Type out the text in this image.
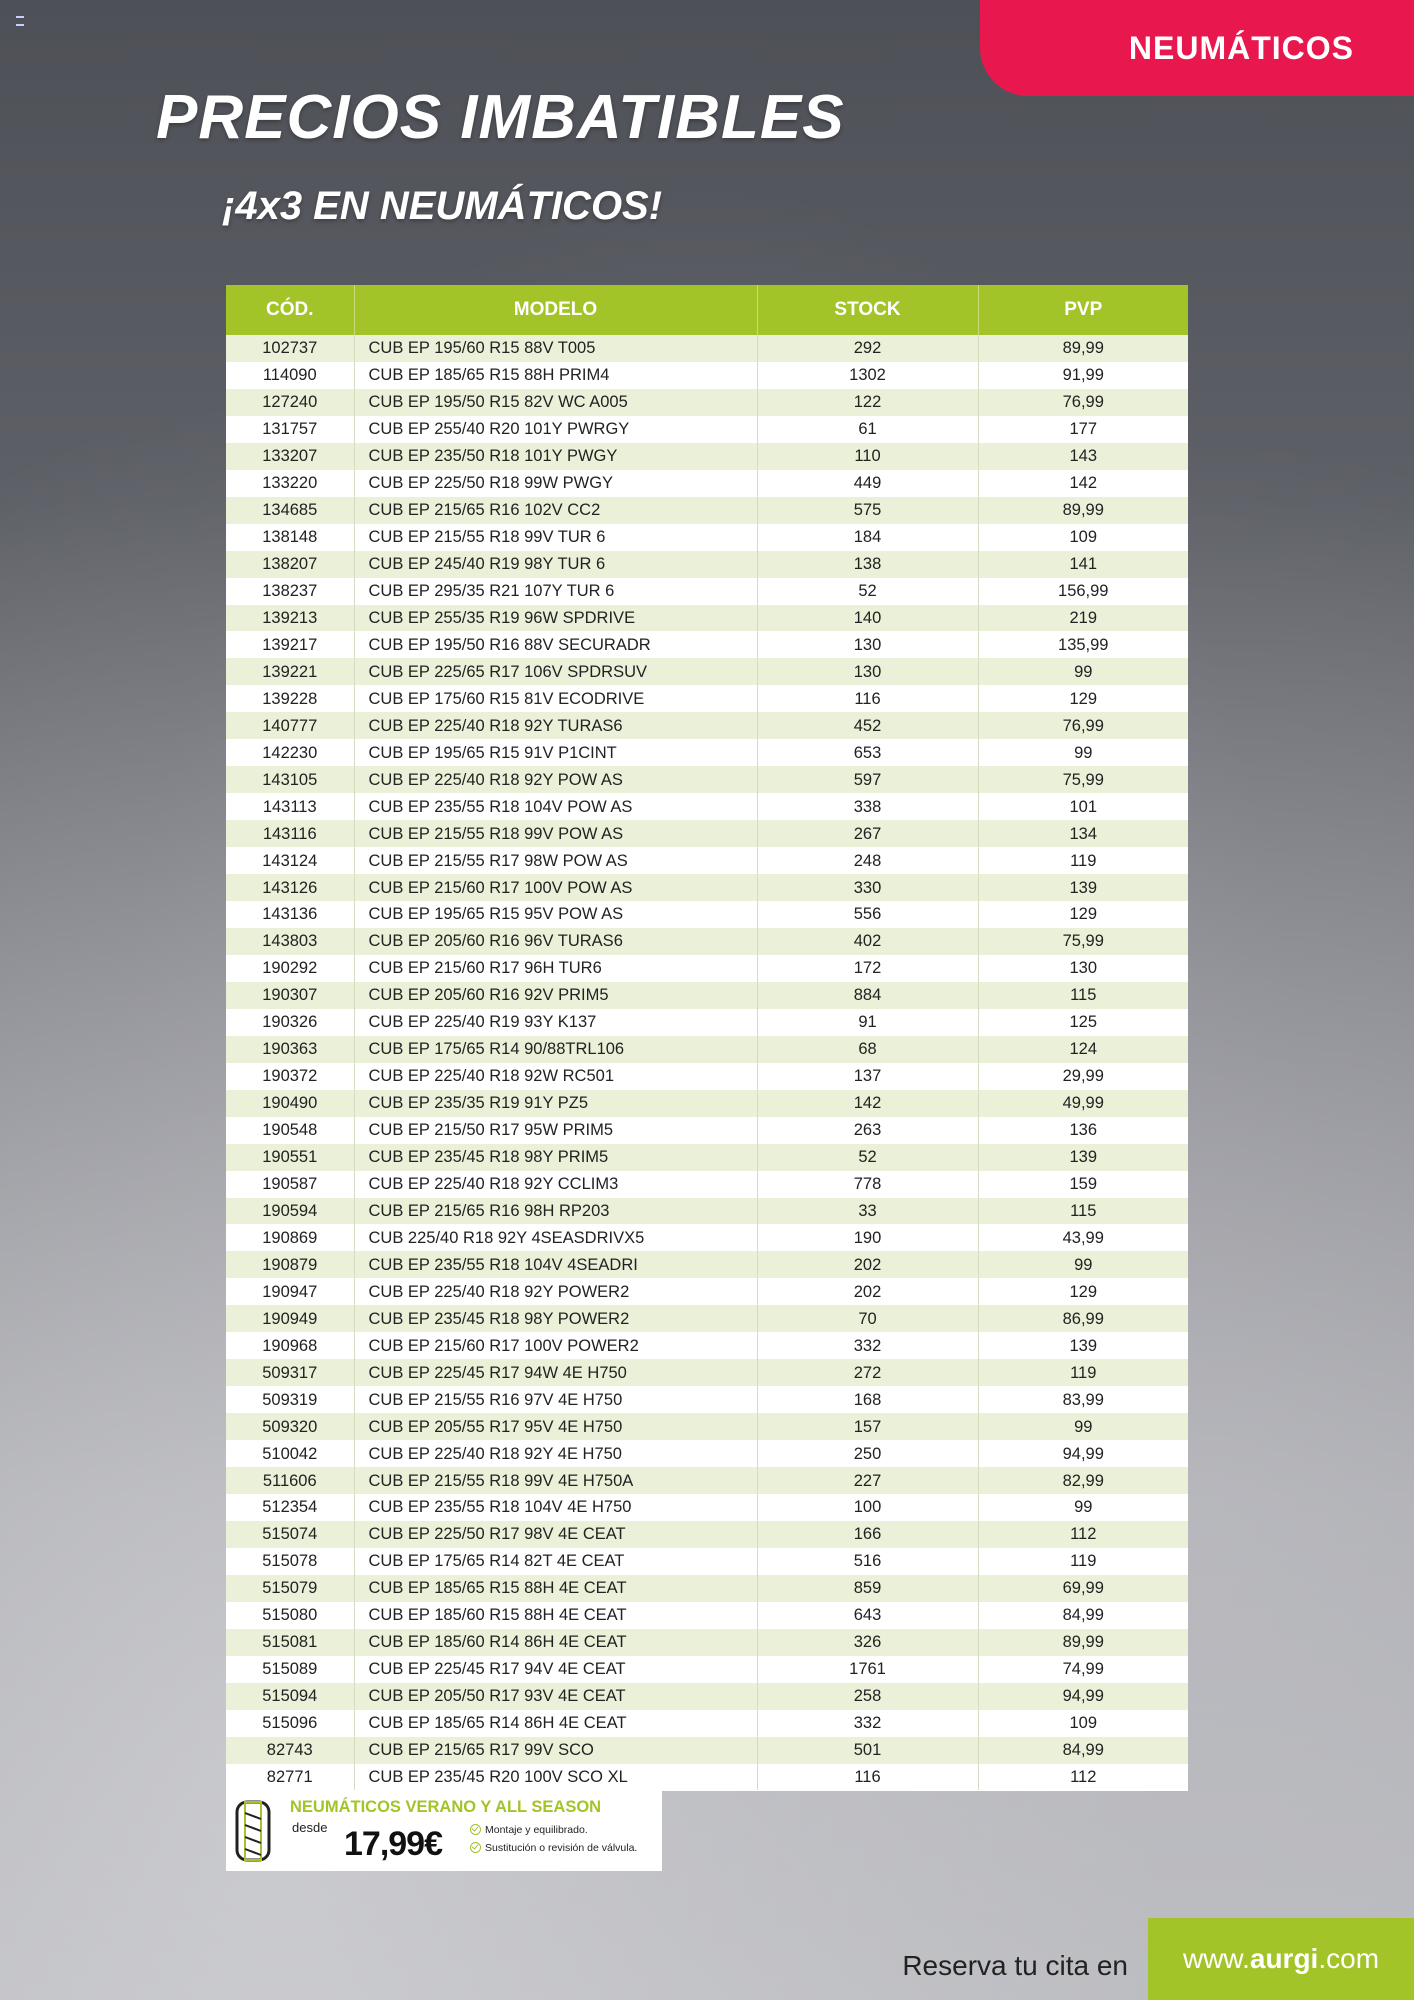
NEUMÁTICOS
PRECIOS IMBATIBLES
¡4x3 EN NEUMÁTICOS!
CÓD.	MODELO	STOCK	PVP
102737	CUB EP 195/60 R15 88V T005	292	89,99
114090	CUB EP 185/65 R15 88H PRIM4	1302	91,99
127240	CUB EP 195/50 R15 82V WC A005	122	76,99
131757	CUB EP 255/40 R20 101Y PWRGY	61	177
133207	CUB EP 235/50 R18 101Y PWGY	110	143
133220	CUB EP 225/50 R18 99W PWGY	449	142
134685	CUB EP 215/65 R16 102V CC2	575	89,99
138148	CUB EP 215/55 R18 99V TUR 6	184	109
138207	CUB EP 245/40 R19 98Y TUR 6	138	141
138237	CUB EP 295/35 R21 107Y TUR 6	52	156,99
139213	CUB EP 255/35 R19 96W SPDRIVE	140	219
139217	CUB EP 195/50 R16 88V SECURADR	130	135,99
139221	CUB EP 225/65 R17 106V SPDRSUV	130	99
139228	CUB EP 175/60 R15 81V ECODRIVE	116	129
140777	CUB EP 225/40 R18 92Y TURAS6	452	76,99
142230	CUB EP 195/65 R15 91V P1CINT	653	99
143105	CUB EP 225/40 R18 92Y POW AS	597	75,99
143113	CUB EP 235/55 R18 104V POW AS	338	101
143116	CUB EP 215/55 R18 99V POW AS	267	134
143124	CUB EP 215/55 R17 98W POW AS	248	119
143126	CUB EP 215/60 R17 100V POW AS	330	139
143136	CUB EP 195/65 R15 95V POW AS	556	129
143803	CUB EP 205/60 R16 96V TURAS6	402	75,99
190292	CUB EP 215/60 R17 96H TUR6	172	130
190307	CUB EP 205/60 R16 92V PRIM5	884	115
190326	CUB EP 225/40 R19 93Y K137	91	125
190363	CUB EP 175/65 R14 90/88TRL106	68	124
190372	CUB EP 225/40 R18 92W RC501	137	29,99
190490	CUB EP 235/35 R19 91Y PZ5	142	49,99
190548	CUB EP 215/50 R17 95W PRIM5	263	136
190551	CUB EP 235/45 R18 98Y PRIM5	52	139
190587	CUB EP 225/40 R18 92Y CCLIM3	778	159
190594	CUB EP 215/65 R16 98H RP203	33	115
190869	CUB 225/40 R18 92Y 4SEASDRIVX5	190	43,99
190879	CUB EP 235/55 R18 104V 4SEADRI	202	99
190947	CUB EP 225/40 R18 92Y POWER2	202	129
190949	CUB EP 235/45 R18 98Y POWER2	70	86,99
190968	CUB EP 215/60 R17 100V POWER2	332	139
509317	CUB EP 225/45 R17 94W 4E H750	272	119
509319	CUB EP 215/55 R16 97V 4E H750	168	83,99
509320	CUB EP 205/55 R17 95V 4E H750	157	99
510042	CUB EP 225/40 R18 92Y 4E H750	250	94,99
511606	CUB EP 215/55 R18 99V 4E H750A	227	82,99
512354	CUB EP 235/55 R18 104V 4E H750	100	99
515074	CUB EP 225/50 R17 98V 4E CEAT	166	112
515078	CUB EP 175/65 R14 82T 4E CEAT	516	119
515079	CUB EP 185/65 R15 88H 4E CEAT	859	69,99
515080	CUB EP 185/60 R15 88H 4E CEAT	643	84,99
515081	CUB EP 185/60 R14 86H 4E CEAT	326	89,99
515089	CUB EP 225/45 R17 94V 4E CEAT	1761	74,99
515094	CUB EP 205/50 R17 93V 4E CEAT	258	94,99
515096	CUB EP 185/65 R14 86H 4E CEAT	332	109
82743	CUB EP 215/65 R17 99V SCO	501	84,99
82771	CUB EP 235/45 R20 100V SCO XL	116	112
NEUMÁTICOS VERANO Y ALL SEASON
desde 17,99€	Montaje y equilibrado.
Sustitución o revisión de válvula.
Reserva tu cita en www. aurgi .com
